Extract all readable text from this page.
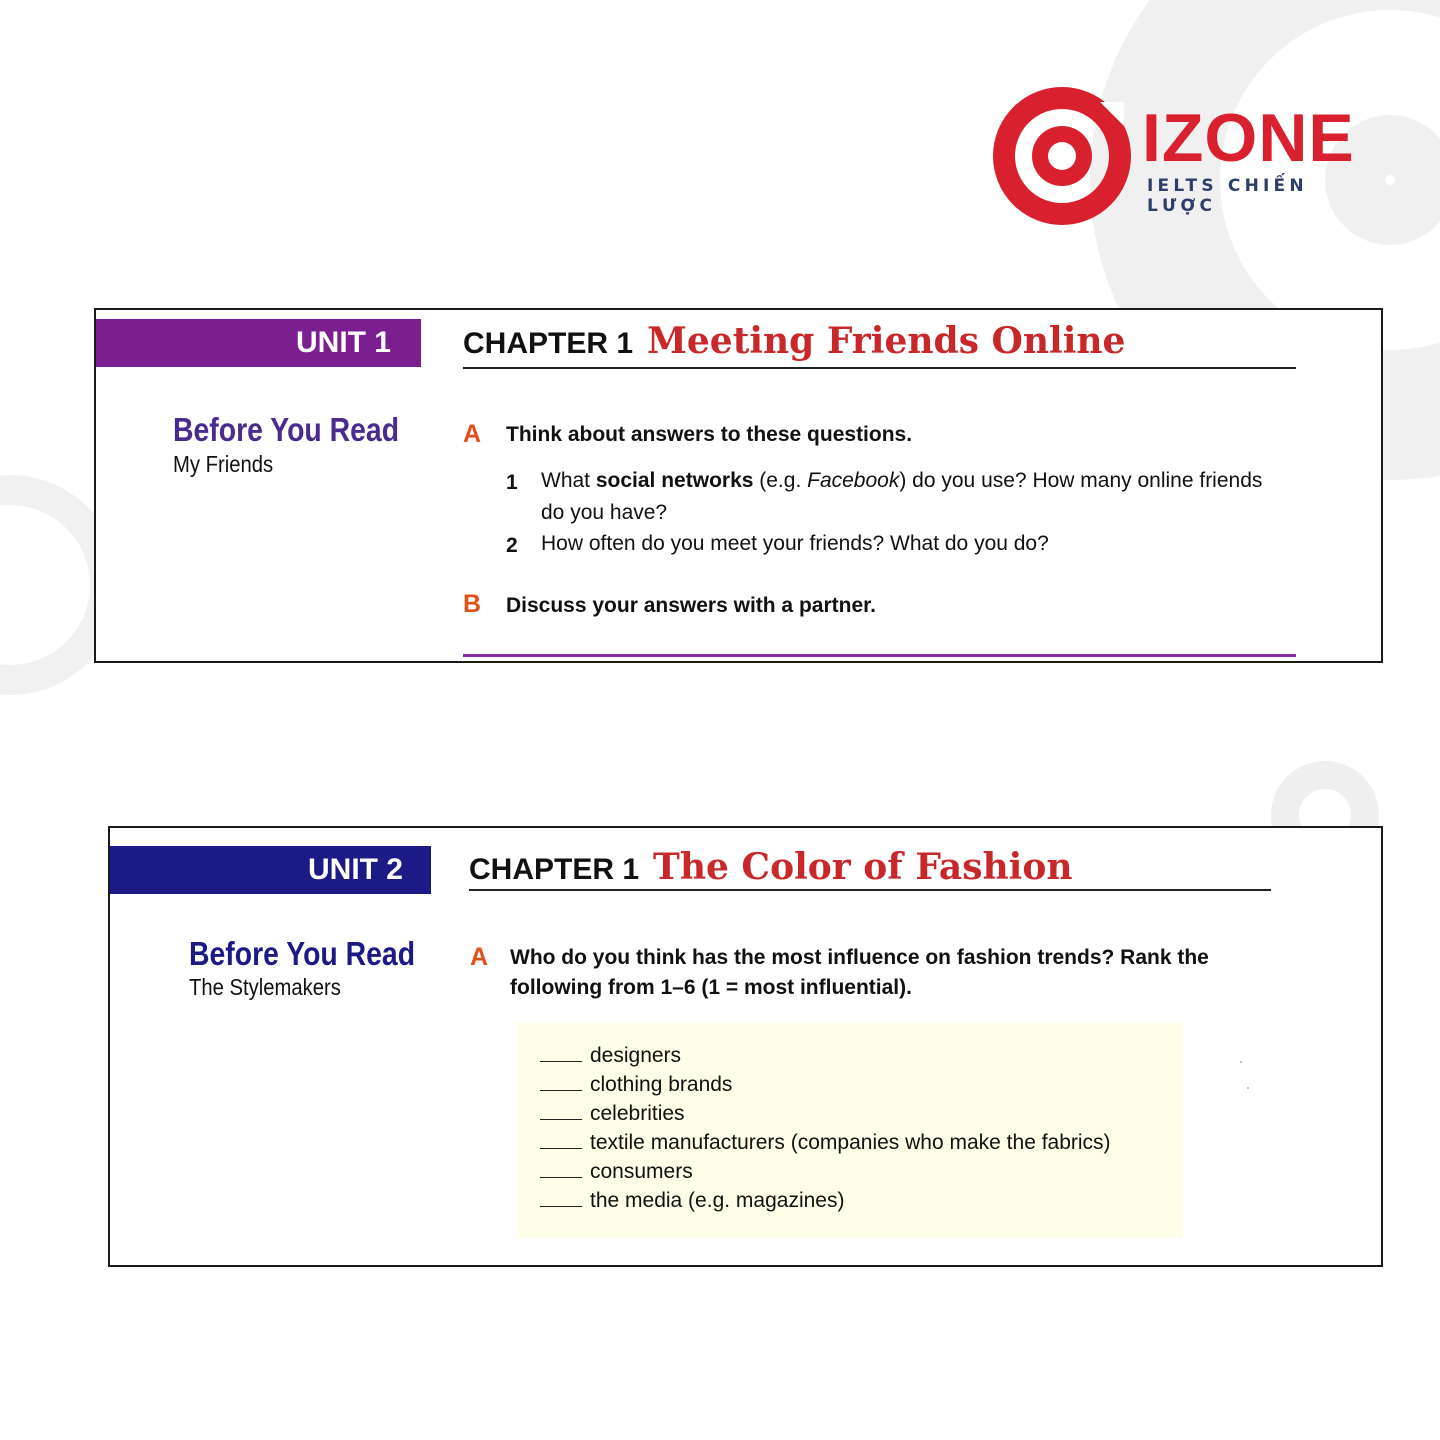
IZONE

IELTS CHIẾN LƯỢC
UNIT 1	CHAPTER 1 Meeting Friends Online
Before You Read
My Friends
A Think about answers to these questions.
1 What social networks (e.g. Facebook) do you use? How many online friends do you have?
2 How often do you meet your friends? What do you do?
B Discuss your answers with a partner.
UNIT 2	CHAPTER 1 The Color of Fashion
Before You Read
The Stylemakers
A Who do you think has the most influence on fashion trends? Rank the following from 1–6 (1 = most influential).
designers
clothing brands
celebrities
textile manufacturers (companies who make the fabrics)
consumers
the media (e.g. magazines)
